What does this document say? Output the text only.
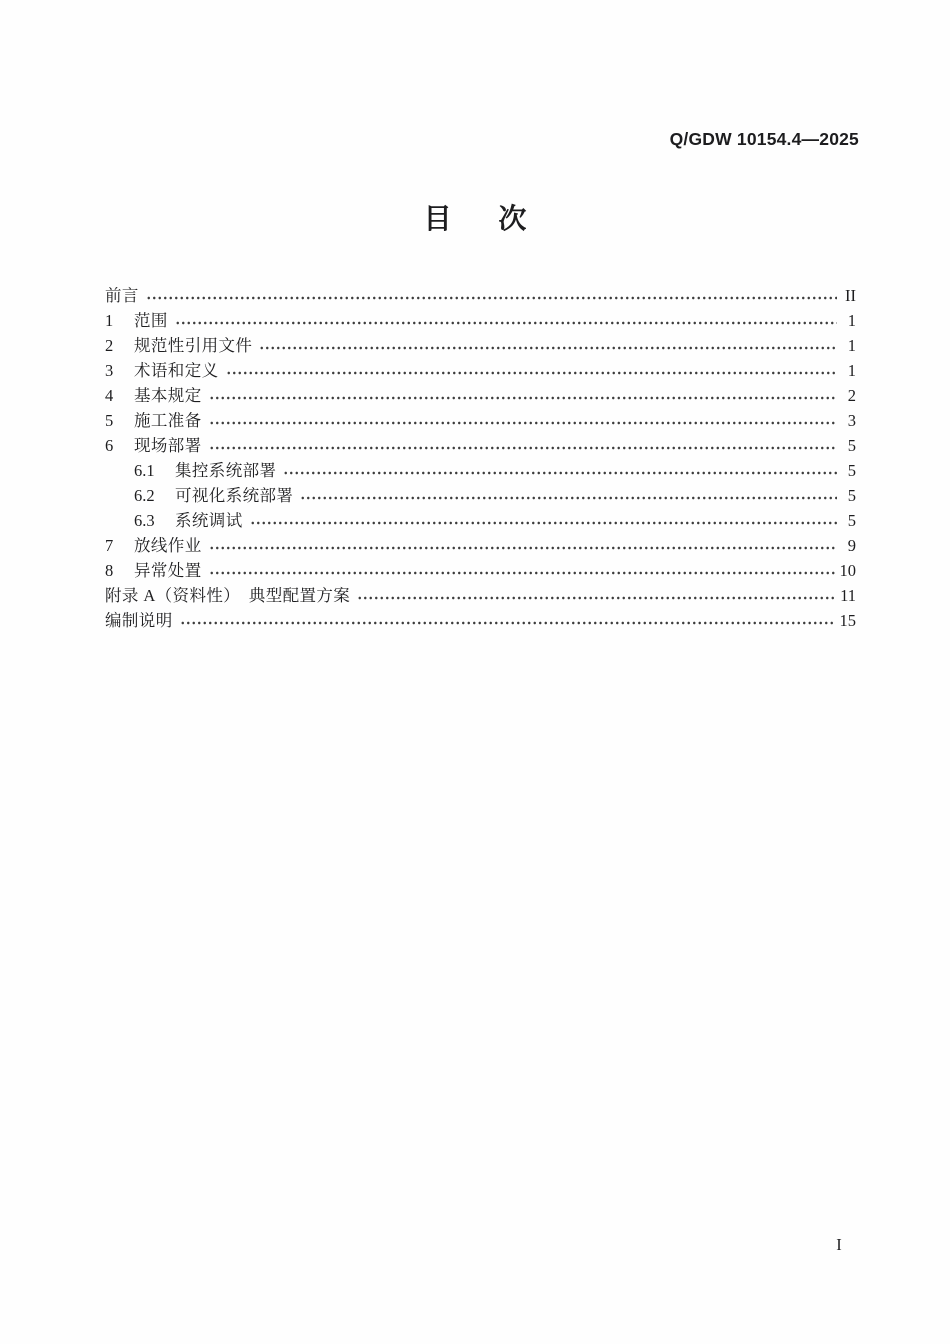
Q/GDW 10154.4—2025
目      次
前言	II
1	范围	1
2	规范性引用文件	1
3	术语和定义	1
4	基本规定	2
5	施工准备	3
6	现场部署	5
6.1	集控系统部署	5
6.2	可视化系统部署	5
6.3	系统调试	5
7	放线作业	9
8	异常处置	10
附录 A（资料性）　典型配置方案	11
编制说明	15
I
